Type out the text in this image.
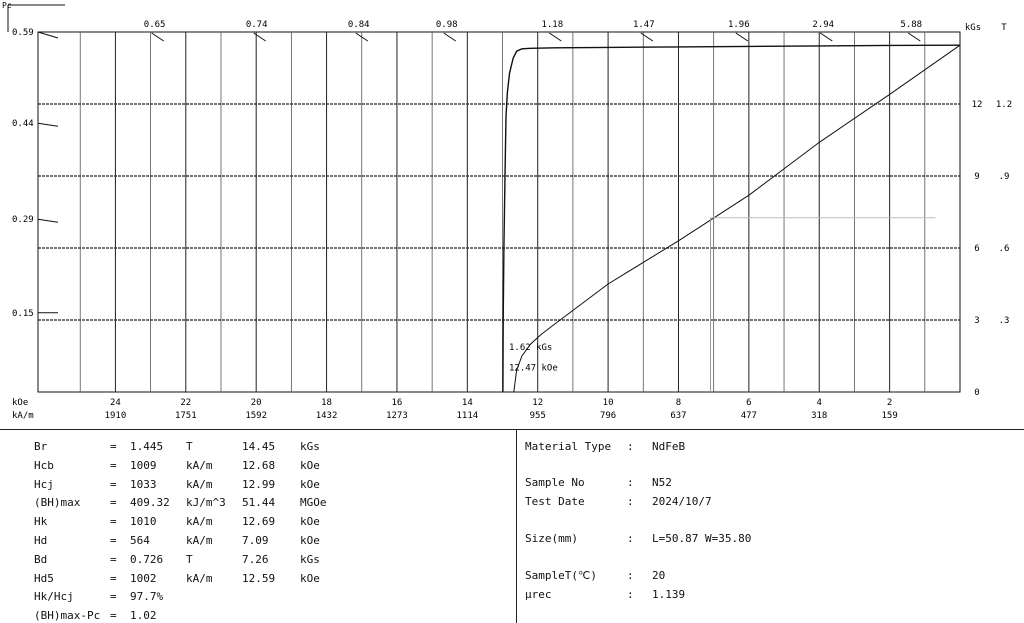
24
1910
22
1751
20
1592
18
1432
16
1273
14
1114
12
955
10
796
8
637
6
477
4
318
2
159
kOe
kA/m
0
3 .3
6 .6
9 .9
12 1.2
kGs T
Pc
0.59
0.44
0.29
0.15
0.65	0.74	0.84	0.98	1.18	1.47	1.96	2.94	5.88
1.62 kGs
12.47 kOe
Br	= 1.445 T	14.45 kGs
Hcb	= 1009	kA/m	12.68 kOe
Hcj	= 1033	kA/m	12.99 kOe
(BH)max	= 409.32 kJ/m^3 51.44 MGOe
Hk	= 1010	kA/m	12.69 kOe
Hd	= 564	kA/m	7.09	kOe
Bd	= 0.726 T	7.26	kGs
Hd5	= 1002	kA/m	12.59 kOe
Hk/Hcj	= 97.7%
(BH)max-Pc = 1.02
Material Type : NdFeB
Sample No	: N52
Test Date	: 2024/10/7
Size(mm)	: L=50.87 W=35.80
SampleT(℃)	: 20
μrec	: 1.139
